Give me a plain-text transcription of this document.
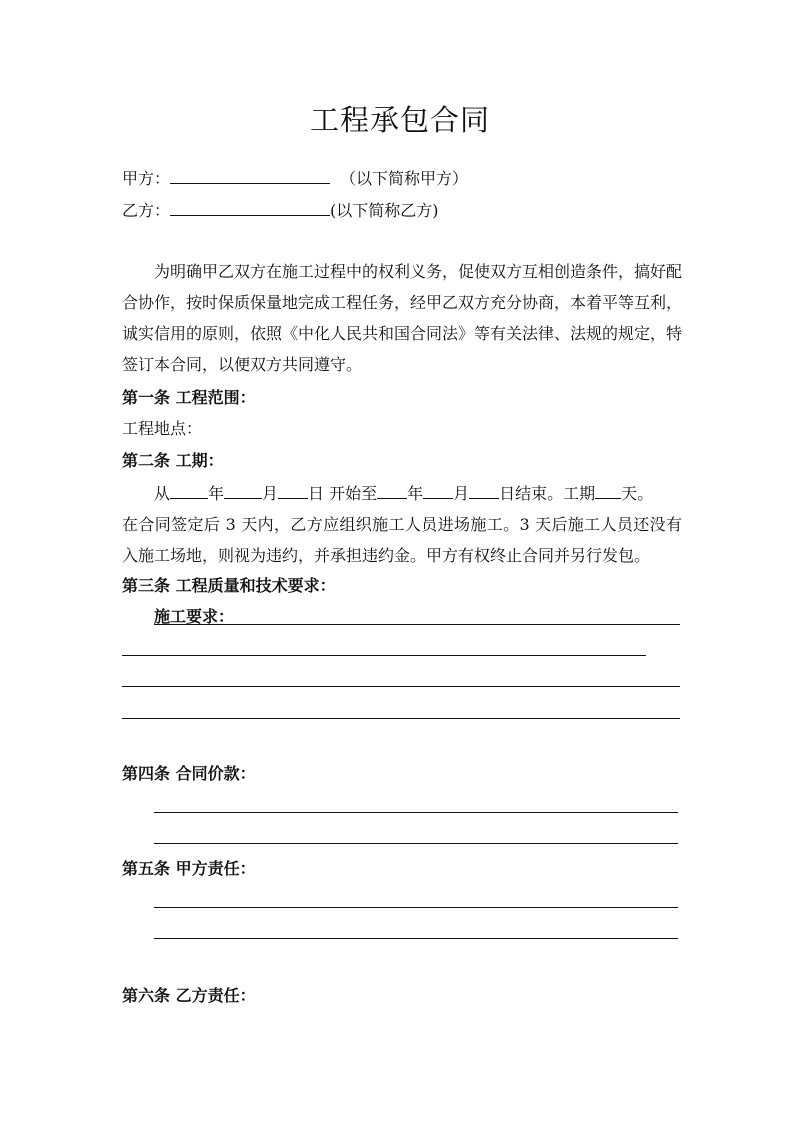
工程承包合同
甲方：	（以下简称甲方）
乙方：	(以下简称乙方)
为明确甲乙双方在施工过程中的权利义务，促使双方互相创造条件，搞好配合协作，按时保质保量地完成工程任务，经甲乙双方充分协商，本着平等互利，诚实信用的原则，依照《中化人民共和国合同法》等有关法律、法规的规定，特签订本合同，以便双方共同遵守。
第一条 工程范围：
工程地点：
第二条 工期：
从 年 月 日 开始至 年 月 日结束。工期 天。
在合同签定后 3 天内，乙方应组织施工人员进场施工。3 天后施工人员还没有入施工场地，则视为违约，并承担违约金。甲方有权终止合同并另行发包。
第三条 工程质量和技术要求：
施工要求：
第四条 合同价款：
第五条 甲方责任：
第六条 乙方责任：
